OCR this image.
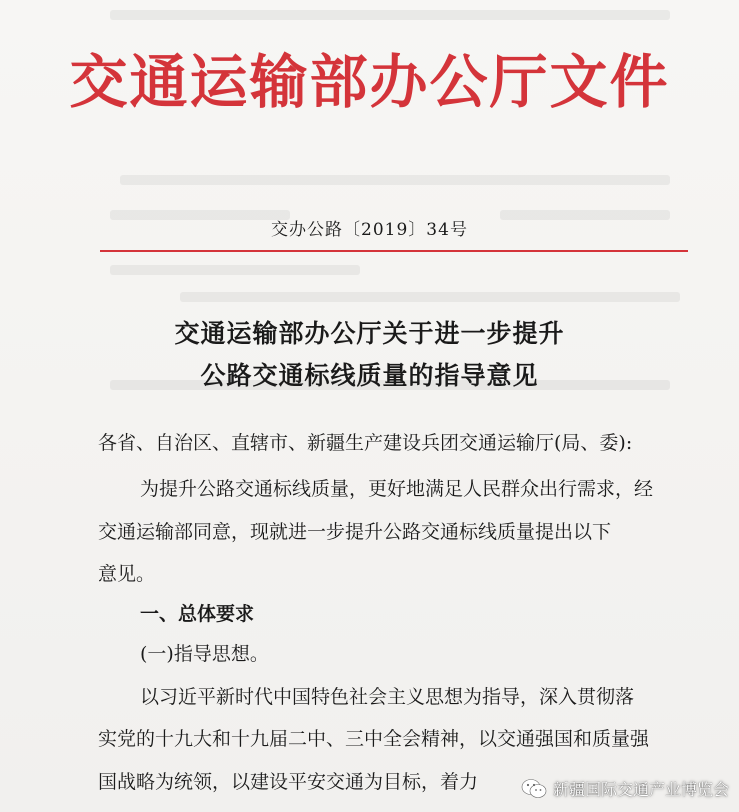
交通运输部办公厅文件
交办公路〔2019〕34号
交通运输部办公厅关于进一步提升
公路交通标线质量的指导意见
各省、自治区、直辖市、新疆生产建设兵团交通运输厅(局、委):
为提升公路交通标线质量，更好地满足人民群众出行需求，经
交通运输部同意，现就进一步提升公路交通标线质量提出以下
意见。
一、总体要求
(一)指导思想。
以习近平新时代中国特色社会主义思想为指导，深入贯彻落
实党的十九大和十九届二中、三中全会精神，以交通强国和质量强
国战略为统领，以建设平安交通为目标，着力	新疆国际交通产业博览会
